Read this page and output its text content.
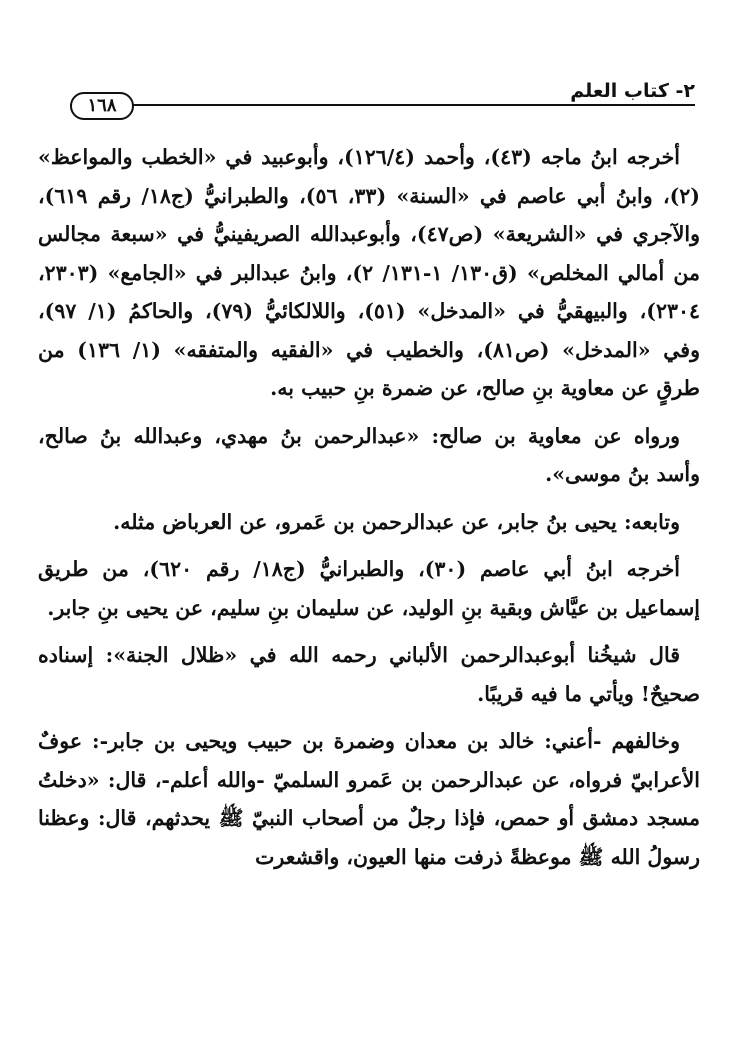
٢- كتاب العلم
١٦٨

أخرجه ابنُ ماجه (٤٣)، وأحمد (١٢٦/٤)، وأبوعبيد في «الخطب والمواعظ» (٢)، وابنُ أبي عاصم في «السنة» (٣٣، ٥٦)، والطبرانيُّ (ج١٨/ رقم ٦١٩)، والآجري في «الشريعة» (ص٤٧)، وأبوعبدالله الصريفينيُّ في «سبعة مجالس من أمالي المخلص» (ق١٣٠/ ١-١٣١/ ٢)، وابنُ عبدالبر في «الجامع» (٢٣٠٣، ٢٣٠٤)، والبيهقيُّ في «المدخل» (٥١)، واللالكائيُّ (٧٩)، والحاكمُ (١/ ٩٧)، وفي «المدخل» (ص٨١)، والخطيب في «الفقيه والمتفقه» (١/ ١٣٦) من طرقٍ عن معاوية بنِ صالح، عن ضمرة بنِ حبيب به.

ورواه عن معاوية بن صالح: «عبدالرحمن بنُ مهدي، وعبدالله بنُ صالح، وأسد بنُ موسى».

وتابعه: يحيى بنُ جابر، عن عبدالرحمن بن عَمرو، عن العرباض مثله.

أخرجه ابنُ أبي عاصم (٣٠)، والطبرانيُّ (ج١٨/ رقم ٦٢٠)، من طريق إسماعيل بن عيَّاش وبقية بنِ الوليد، عن سليمان بنِ سليم، عن يحيى بنِ جابر.

قال شيخُنا أبوعبدالرحمن الألباني رحمه الله في «ظلال الجنة»: إسناده صحيحٌ! ويأتي ما فيه قريبًا.

وخالفهم -أعني: خالد بن معدان وضمرة بن حبيب ويحيى بن جابر-: عوفٌ الأعرابيّ فرواه، عن عبدالرحمن بن عَمرو السلميّ -والله أعلم-، قال: «دخلتُ مسجد دمشق أو حمص، فإذا رجلٌ من أصحاب النبيّ ﷺ يحدثهم، قال: وعظنا رسولُ الله ﷺ موعظةً ذرفت منها العيون، واقشعرت
